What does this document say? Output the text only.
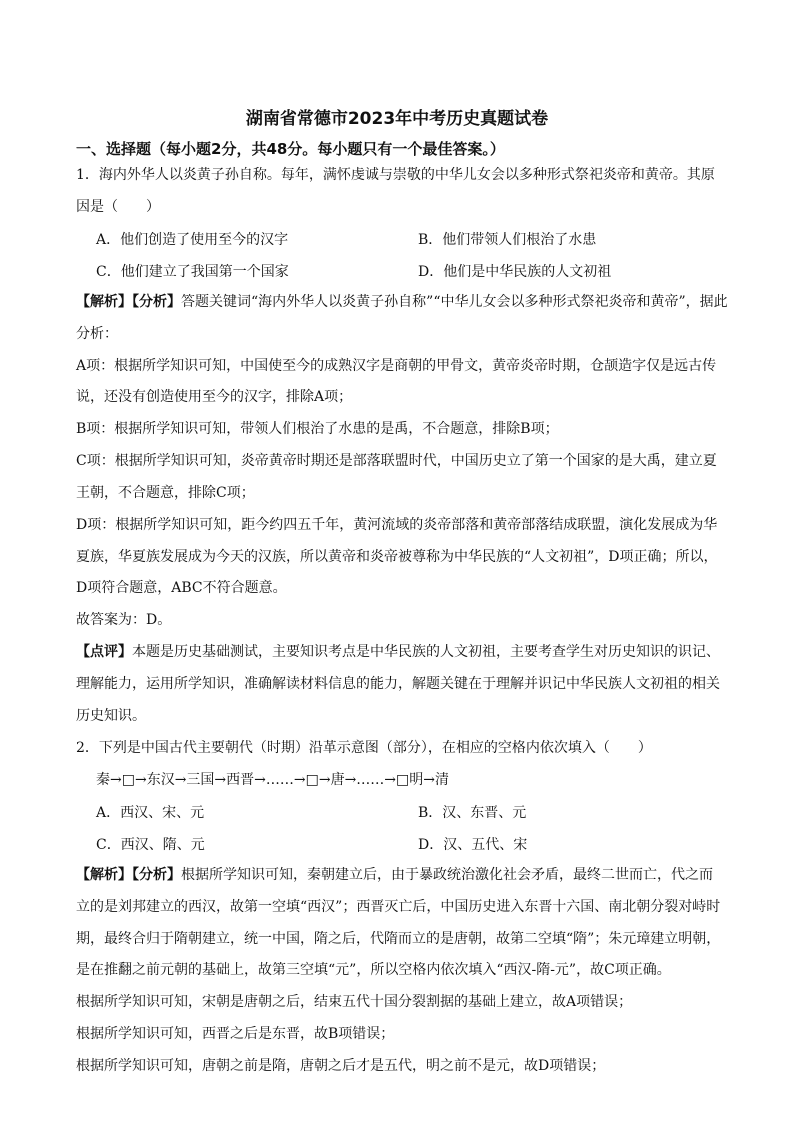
湖南省常德市2023年中考历史真题试卷
一、选择题（每小题2分，共48分。每小题只有一个最佳答案。）
1．海内外华人以炎黄子孙自称。每年，满怀虔诚与崇敬的中华儿女会以多种形式祭祀炎帝和黄帝。其原
因是（　　）
A．他们创造了使用至今的汉字	B．他们带领人们根治了水患
C．他们建立了我国第一个国家	D．他们是中华民族的人文初祖
【解析】【分析】答题关键词“海内外华人以炎黄子孙自称”“中华儿女会以多种形式祭祀炎帝和黄帝”，据此
分析：
A项：根据所学知识可知，中国使至今的成熟汉字是商朝的甲骨文，黄帝炎帝时期，仓颉造字仅是远古传
说，还没有创造使用至今的汉字，排除A项；
B项：根据所学知识可知，带领人们根治了水患的是禹，不合题意，排除B项；
C项：根据所学知识可知，炎帝黄帝时期还是部落联盟时代，中国历史立了第一个国家的是大禹，建立夏
王朝，不合题意，排除C项；
D项：根据所学知识可知，距今约四五千年，黄河流域的炎帝部落和黄帝部落结成联盟，演化发展成为华
夏族，华夏族发展成为今天的汉族，所以黄帝和炎帝被尊称为中华民族的“人文初祖”，D项正确；所以，
D项符合题意，ABC不符合题意。
故答案为：D。
【点评】本题是历史基础测试，主要知识考点是中华民族的人文初祖，主要考查学生对历史知识的识记、
理解能力，运用所学知识，准确解读材料信息的能力，解题关键在于理解并识记中华民族人文初祖的相关
历史知识。
2．下列是中国古代主要朝代（时期）沿革示意图（部分），在相应的空格内依次填入（　　）
秦→□→东汉→三国→西晋→……→□→唐→……→□明→清
A．西汉、宋、元	B．汉、东晋、元
C．西汉、隋、元	D．汉、五代、宋
【解析】【分析】根据所学知识可知，秦朝建立后，由于暴政统治激化社会矛盾，最终二世而亡，代之而
立的是刘邦建立的西汉，故第一空填“西汉”；西晋灭亡后，中国历史进入东晋十六国、南北朝分裂对峙时
期，最终合归于隋朝建立，统一中国，隋之后，代隋而立的是唐朝，故第二空填“隋”；朱元璋建立明朝，
是在推翻之前元朝的基础上，故第三空填“元”，所以空格内依次填入“西汉-隋-元”，故C项正确。
根据所学知识可知，宋朝是唐朝之后，结束五代十国分裂割据的基础上建立，故A项错误；
根据所学知识可知，西晋之后是东晋，故B项错误；
根据所学知识可知，唐朝之前是隋，唐朝之后才是五代，明之前不是元，故D项错误；
